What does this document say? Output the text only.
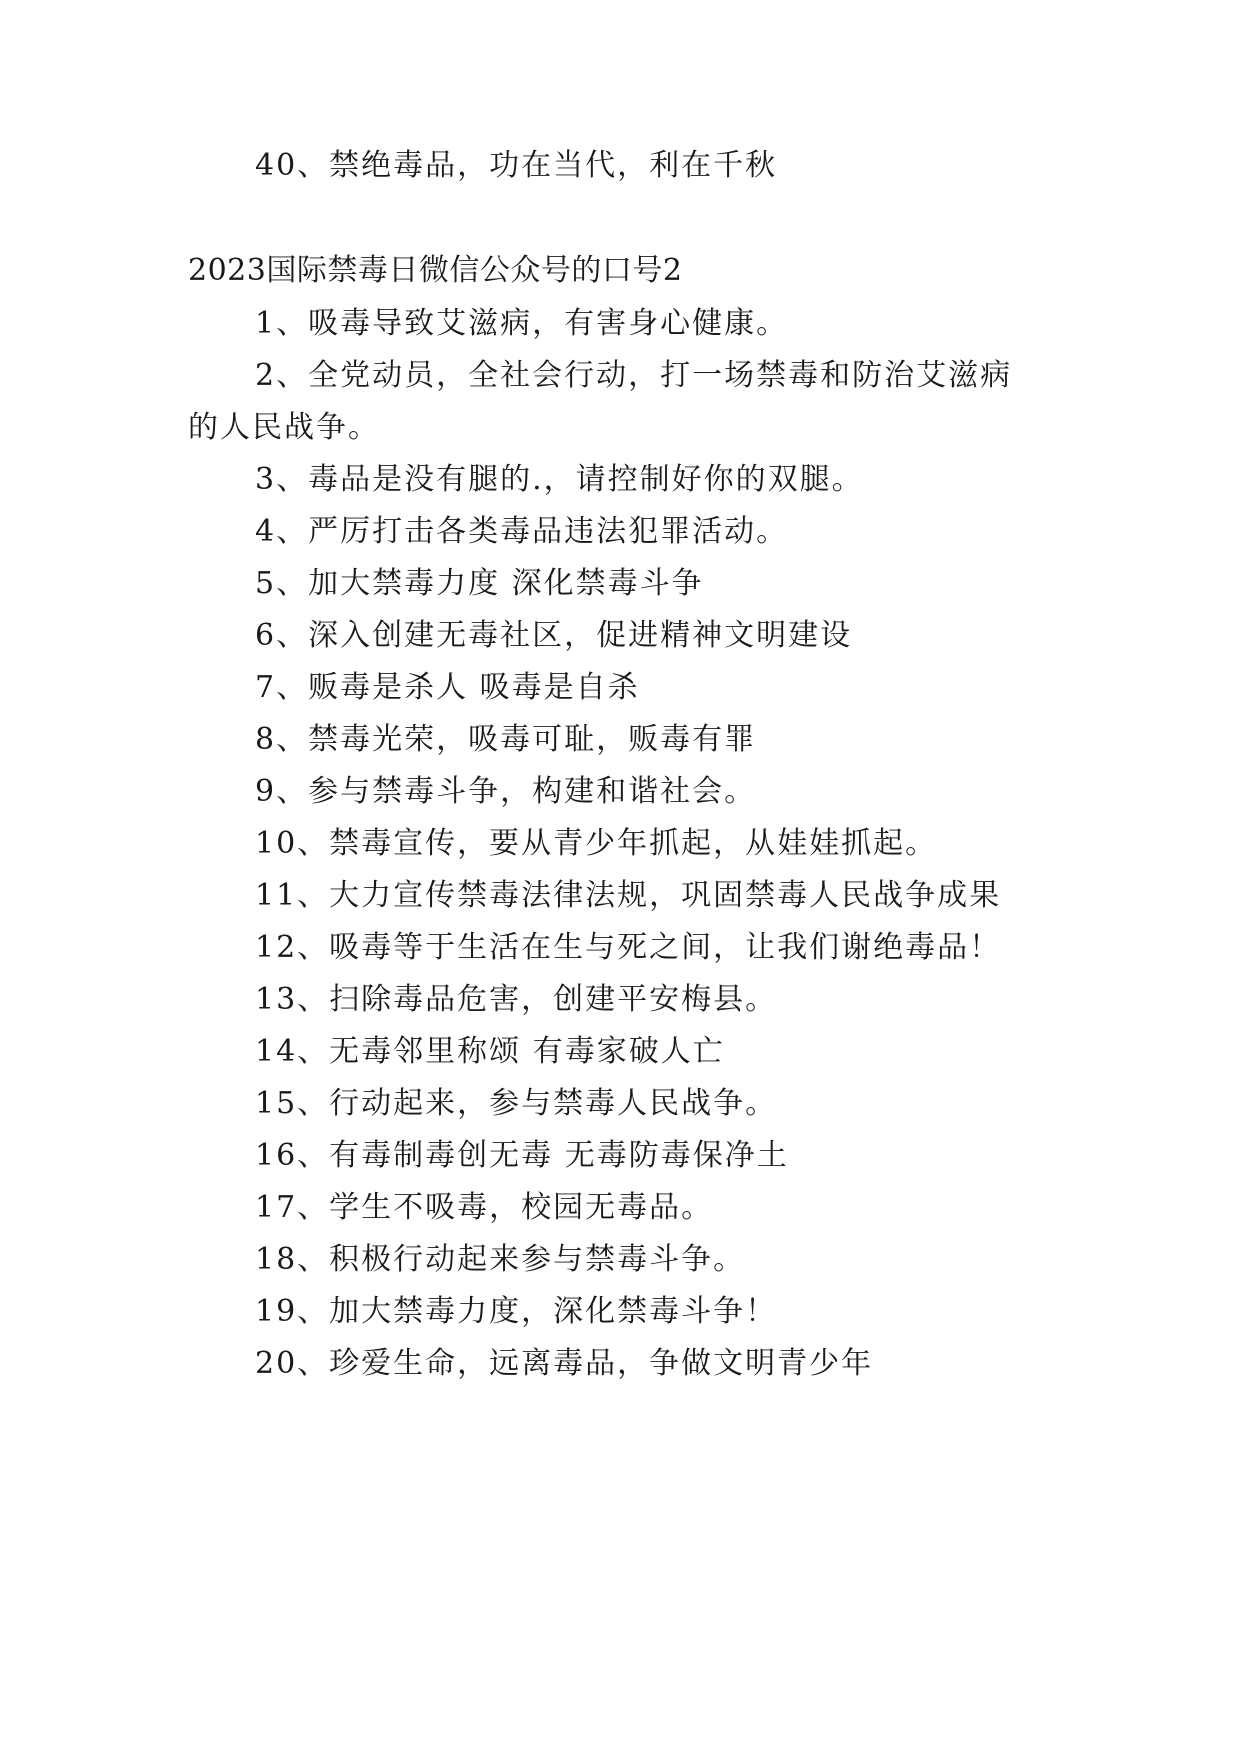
40、禁绝毒品，功在当代，利在千秋
2023国际禁毒日微信公众号的口号2
1、吸毒导致艾滋病，有害身心健康。
2、全党动员，全社会行动，打一场禁毒和防治艾滋病
的人民战争。
3、毒品是没有腿的.，请控制好你的双腿。
4、严厉打击各类毒品违法犯罪活动。
5、加大禁毒力度 深化禁毒斗争
6、深入创建无毒社区，促进精神文明建设
7、贩毒是杀人 吸毒是自杀
8、禁毒光荣，吸毒可耻，贩毒有罪
9、参与禁毒斗争，构建和谐社会。
10、禁毒宣传，要从青少年抓起，从娃娃抓起。
11、大力宣传禁毒法律法规，巩固禁毒人民战争成果
12、吸毒等于生活在生与死之间，让我们谢绝毒品！
13、扫除毒品危害，创建平安梅县。
14、无毒邻里称颂 有毒家破人亡
15、行动起来，参与禁毒人民战争。
16、有毒制毒创无毒 无毒防毒保净土
17、学生不吸毒，校园无毒品。
18、积极行动起来参与禁毒斗争。
19、加大禁毒力度，深化禁毒斗争！
20、珍爱生命，远离毒品，争做文明青少年
